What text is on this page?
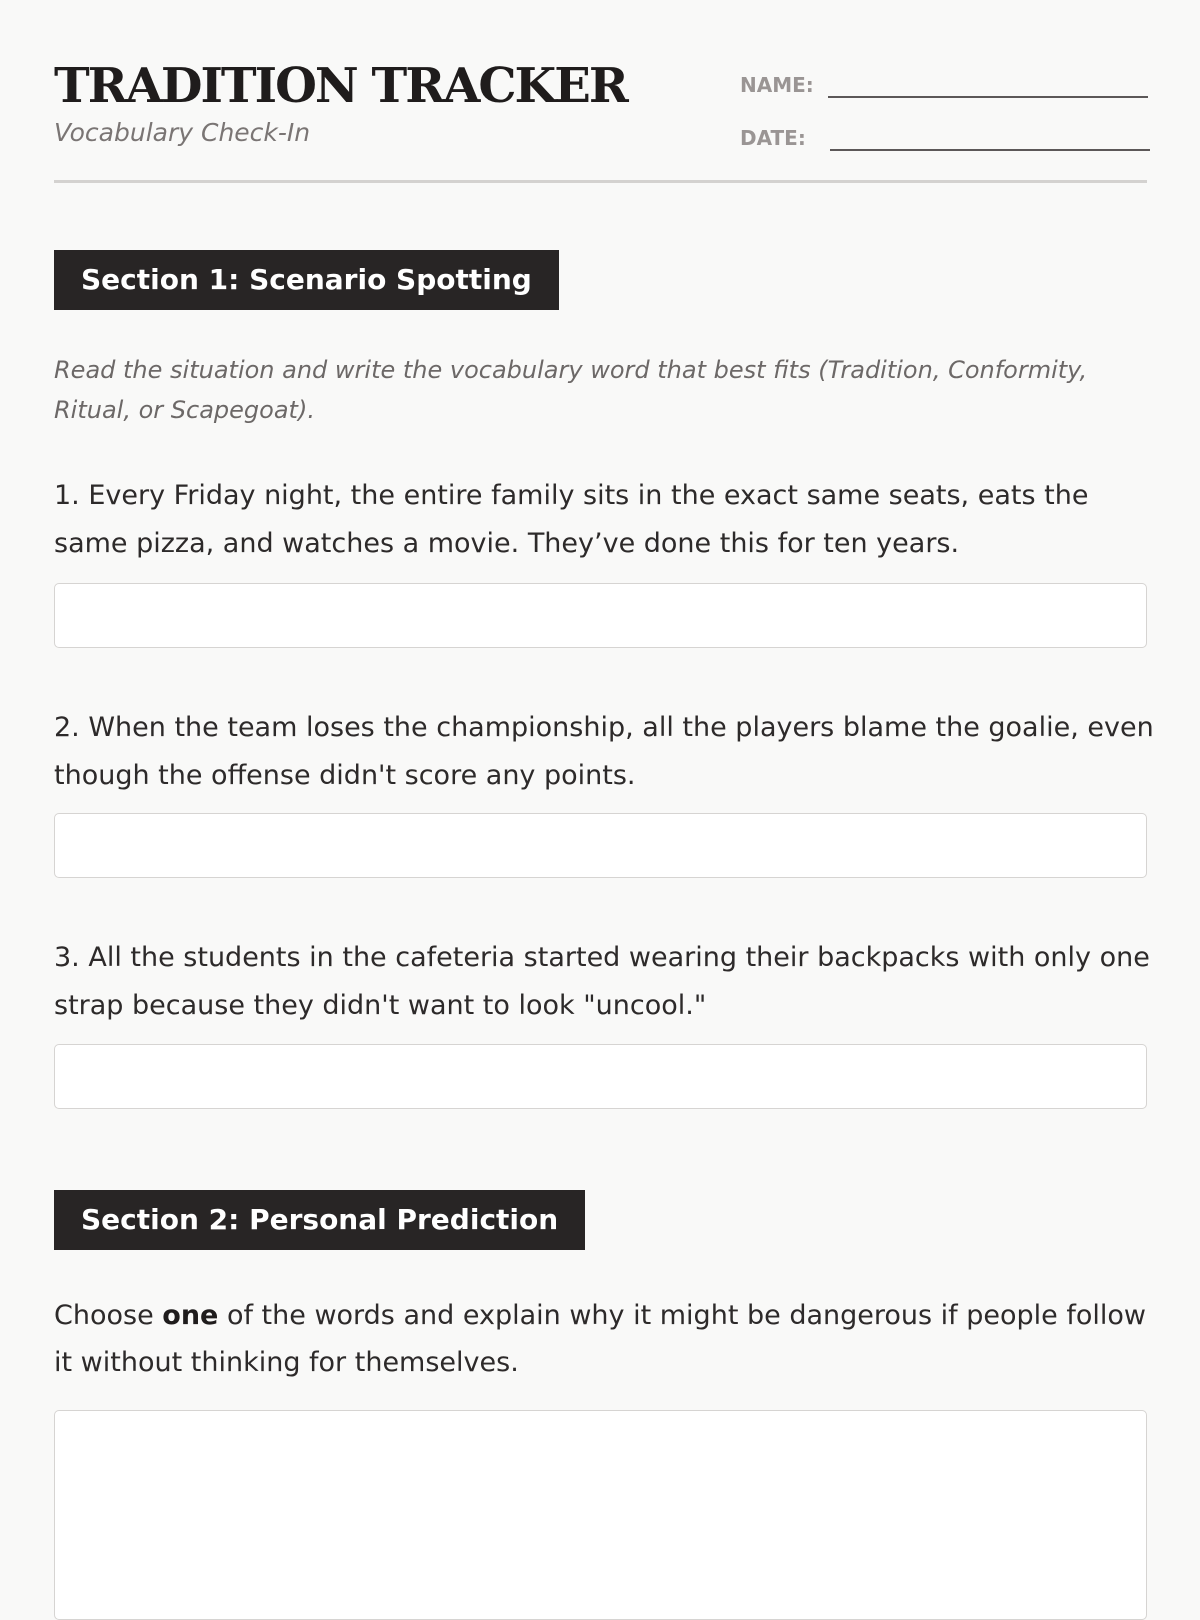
TRADITION TRACKER
Vocabulary Check-In
NAME:
DATE:
Section 1: Scenario Spotting
Read the situation and write the vocabulary word that best fits (Tradition, Conformity, Ritual, or Scapegoat).
1. Every Friday night, the entire family sits in the exact same seats, eats the same pizza, and watches a movie. They’ve done this for ten years.
2. When the team loses the championship, all the players blame the goalie, even though the offense didn't score any points.
3. All the students in the cafeteria started wearing their backpacks with only one strap because they didn't want to look "uncool."
Section 2: Personal Prediction
Choose one of the words and explain why it might be dangerous if people follow it without thinking for themselves.
